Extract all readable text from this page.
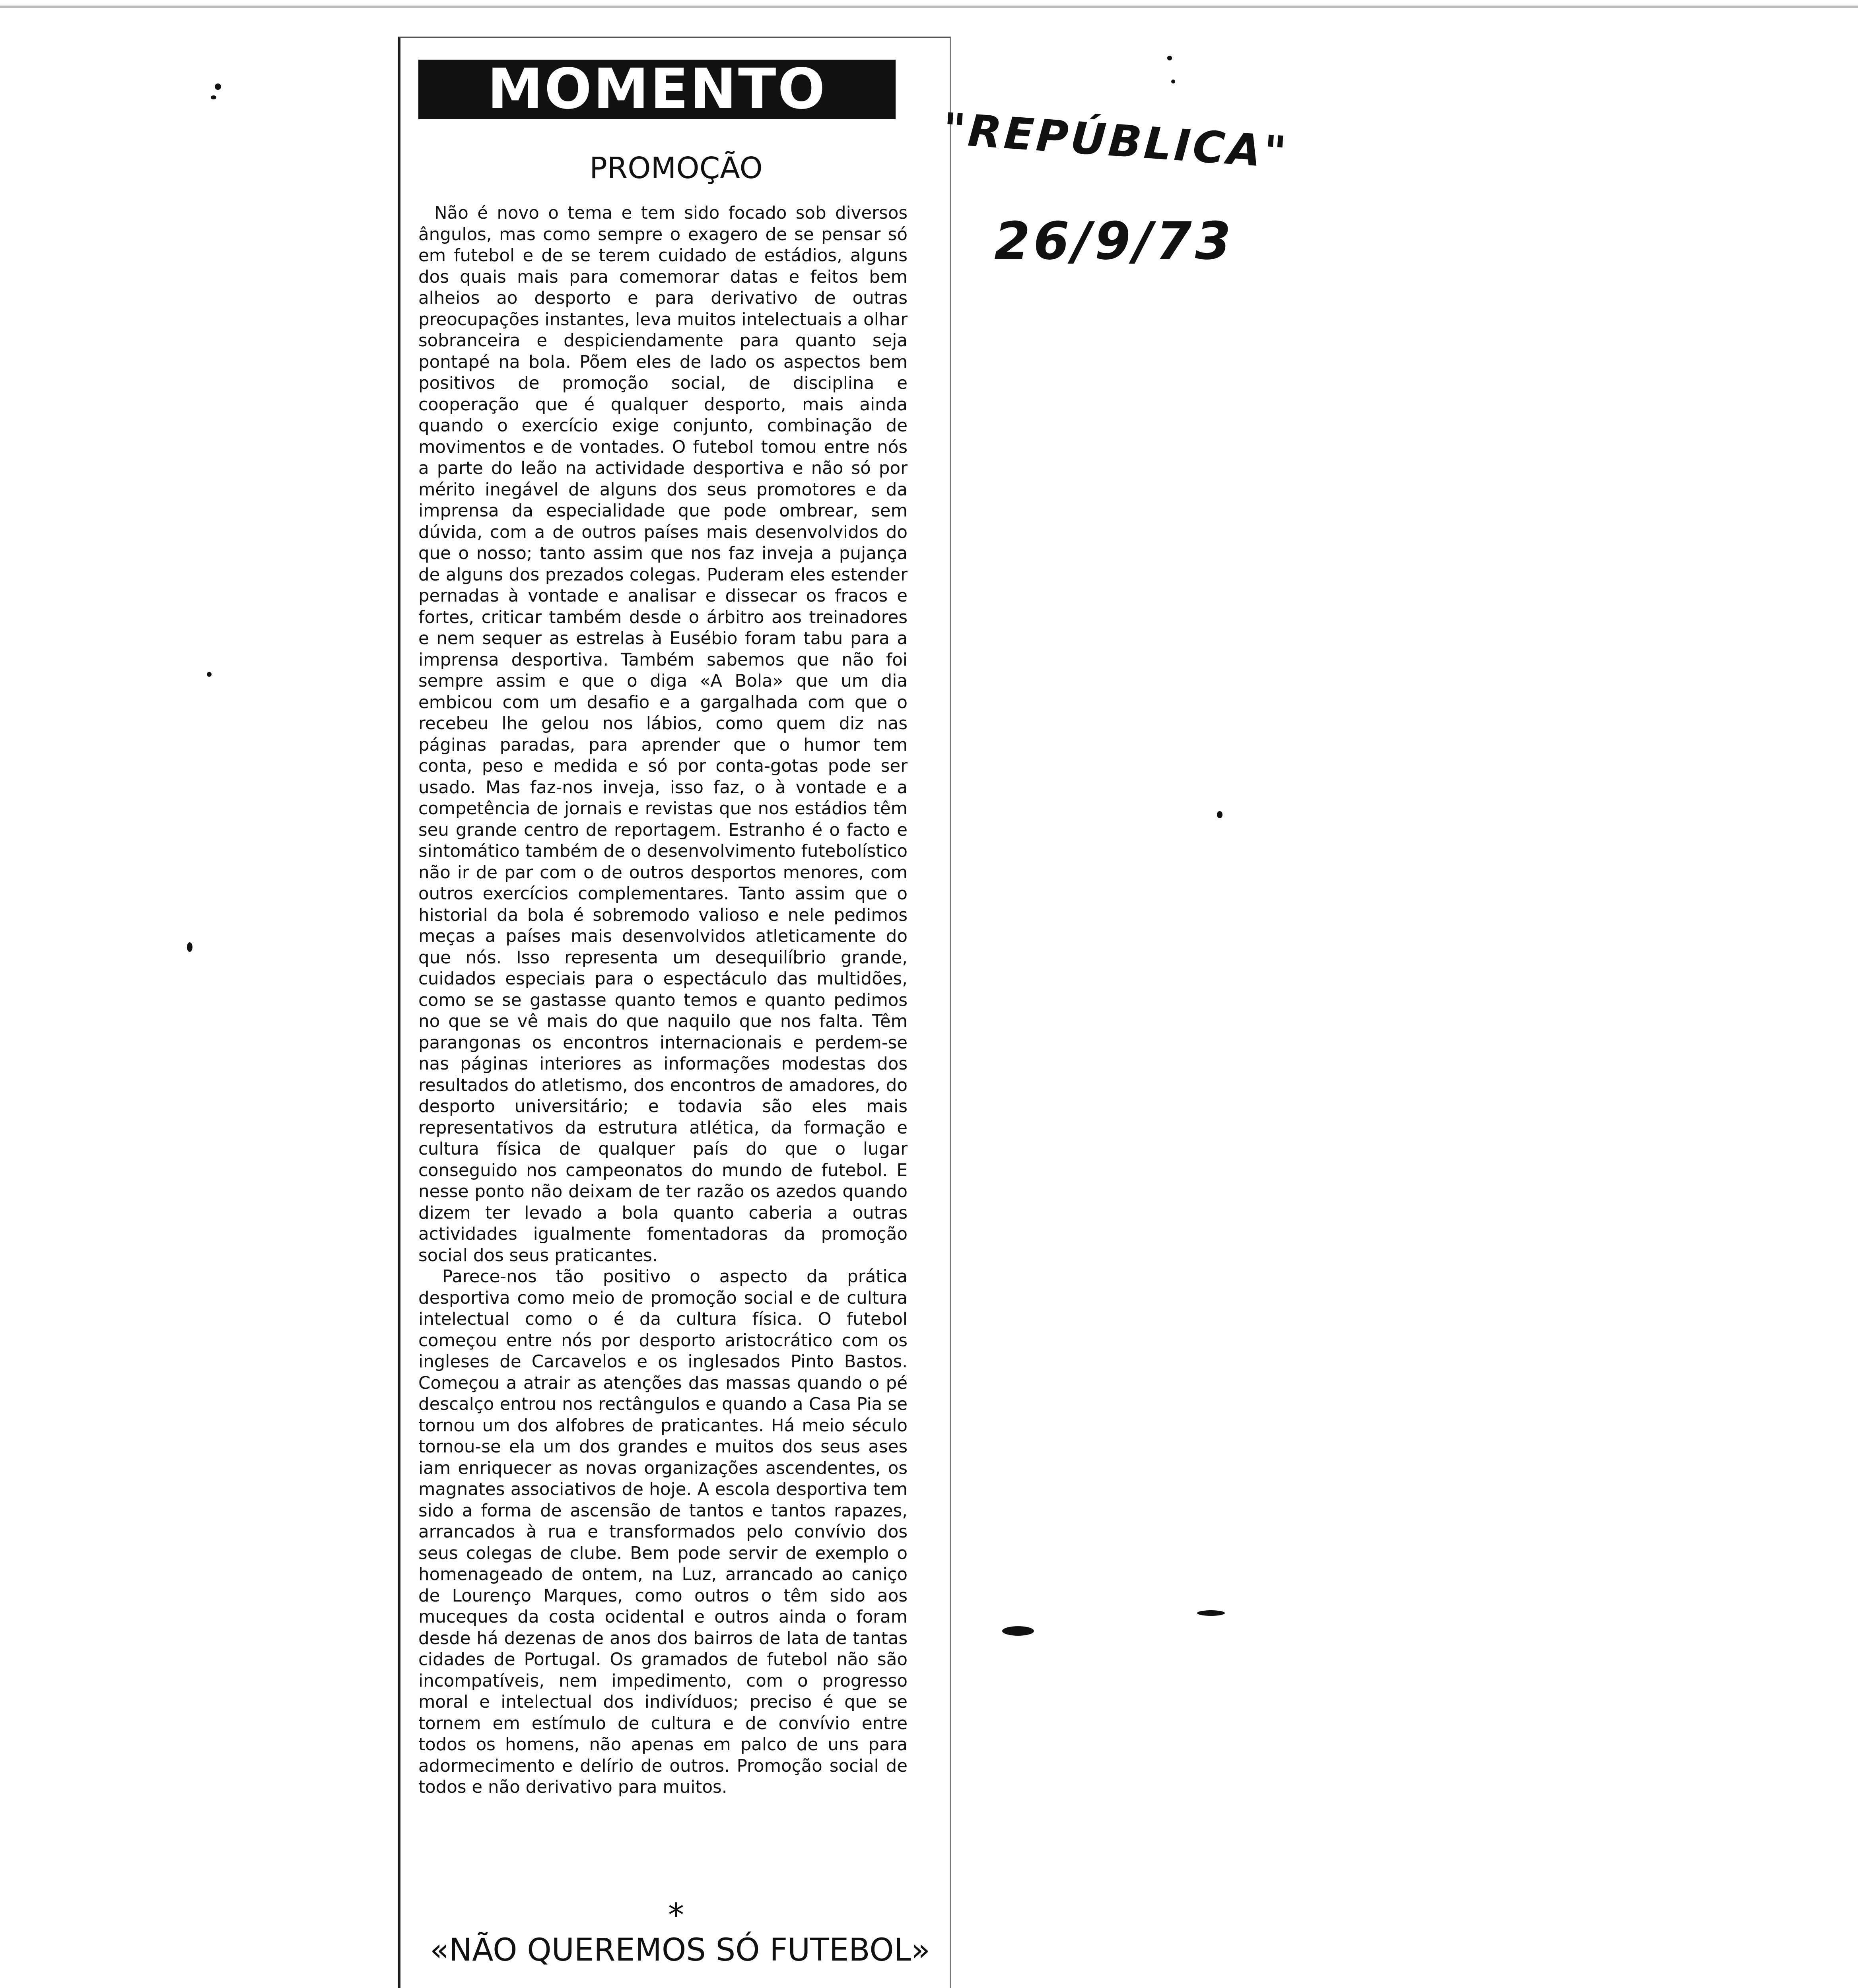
MOMENTO
PROMOÇÃO

Não é novo o tema e tem sido focado sob diversos ângulos, mas como sempre o exagero de se pensar só em futebol e de se terem cuidado de estádios, alguns dos quais mais para comemorar datas e feitos bem alheios ao desporto e para derivativo de outras preocupações instantes, leva muitos intelectuais a olhar sobranceira e despiciendamente para quanto seja pontapé na bola. Põem eles de lado os aspectos bem positivos de promoção social, de disciplina e cooperação que é qualquer desporto, mais ainda quando o exercício exige conjunto, combinação de movimentos e de vontades. O futebol tomou entre nós a parte do leão na actividade desportiva e não só por mérito inegável de alguns dos seus promotores e da imprensa da especialidade que pode ombrear, sem dúvida, com a de outros países mais desenvolvidos do que o nosso; tanto assim que nos faz inveja a pujança de alguns dos prezados colegas. Puderam eles estender pernadas à vontade e analisar e dissecar os fracos e fortes, criticar também desde o árbitro aos treinadores e nem sequer as estrelas à Eusébio foram tabu para a imprensa desportiva. Também sabemos que não foi sempre assim e que o diga «A Bola» que um dia embicou com um desafio e a gargalhada com que o recebeu lhe gelou nos lábios, como quem diz nas páginas paradas, para aprender que o humor tem conta, peso e medida e só por conta-gotas pode ser usado. Mas faz-nos inveja, isso faz, o à vontade e a competência de jornais e revistas que nos estádios têm seu grande centro de reportagem. Estranho é o facto e sintomático também de o desenvolvimento futebolístico não ir de par com o de outros desportos menores, com outros exercícios complementares. Tanto assim que o historial da bola é sobremodo valioso e nele pedimos meças a países mais desenvolvidos atleticamente do que nós. Isso representa um desequilíbrio grande, cuidados especiais para o espectáculo das multidões, como se se gastasse quanto temos e quanto pedimos no que se vê mais do que naquilo que nos falta. Têm parangonas os encontros internacionais e perdem-se nas páginas interiores as informações modestas dos resultados do atletismo, dos encontros de amadores, do desporto universitário; e todavia são eles mais representativos da estrutura atlética, da formação e cultura física de qualquer país do que o lugar conseguido nos campeonatos do mundo de futebol. E nesse ponto não deixam de ter razão os azedos quando dizem ter levado a bola quanto caberia a outras actividades igualmente fomentadoras da promoção social dos seus praticantes.

Parece-nos tão positivo o aspecto da prática desportiva como meio de promoção social e de cultura intelectual como o é da cultura física. O futebol começou entre nós por desporto aristocrático com os ingleses de Carcavelos e os inglesados Pinto Bastos. Começou a atrair as atenções das massas quando o pé descalço entrou nos rectângulos e quando a Casa Pia se tornou um dos alfobres de praticantes. Há meio século tornou-se ela um dos grandes e muitos dos seus ases iam enriquecer as novas organizações ascendentes, os magnates associativos de hoje. A escola desportiva tem sido a forma de ascensão de tantos e tantos rapazes, arrancados à rua e transformados pelo convívio dos seus colegas de clube. Bem pode servir de exemplo o homenageado de ontem, na Luz, arrancado ao caniço de Lourenço Marques, como outros o têm sido aos muceques da costa ocidental e outros ainda o foram desde há dezenas de anos dos bairros de lata de tantas cidades de Portugal. Os gramados de futebol não são incompatíveis, nem impedimento, com o progresso moral e intelectual dos indivíduos; preciso é que se tornem em estímulo de cultura e de convívio entre todos os homens, não apenas em palco de uns para adormecimento e delírio de outros. Promoção social de todos e não derivativo para muitos.

*
«NÃO QUEREMOS SÓ FUTEBOL»

"REPÚBLICA"
26/9/73
